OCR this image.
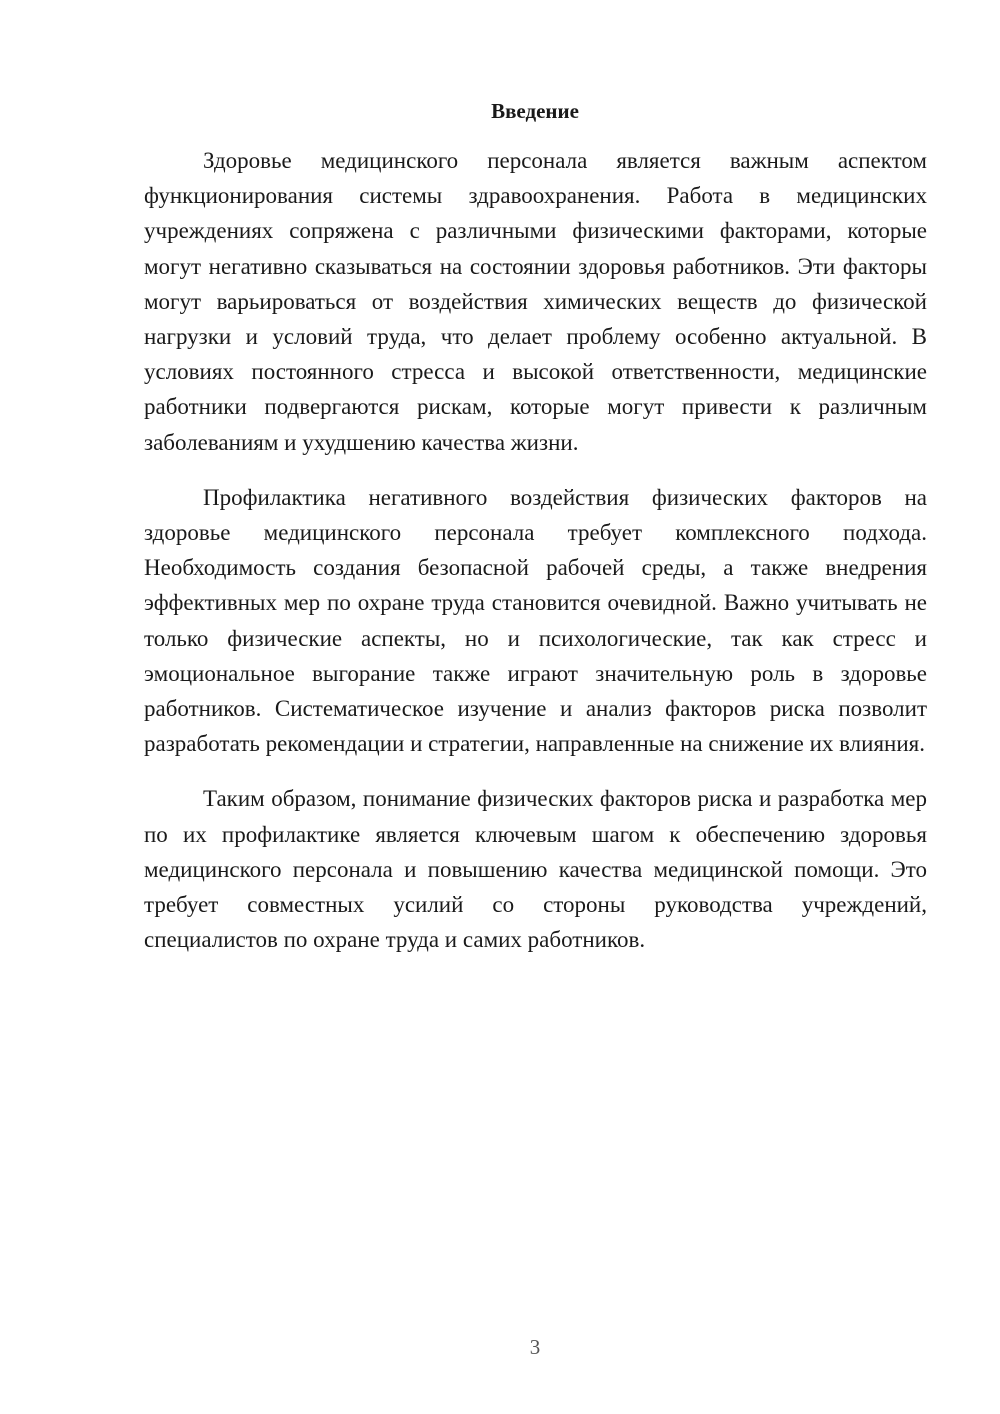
Введение

Здоровье медицинского персонала является важным аспектом функционирования системы здравоохранения. Работа в медицинских учреждениях сопряжена с различными физическими факторами, которые могут негативно сказываться на состоянии здоровья работников. Эти факторы могут варьироваться от воздействия химических веществ до физической нагрузки и условий труда, что делает проблему особенно актуальной. В условиях постоянного стресса и высокой ответственности, медицинские работники подвергаются рискам, которые могут привести к различным заболеваниям и ухудшению качества жизни.

Профилактика негативного воздействия физических факторов на здоровье медицинского персонала требует комплексного подхода. Необходимость создания безопасной рабочей среды, а также внедрения эффективных мер по охране труда становится очевидной. Важно учитывать не только физические аспекты, но и психологические, так как стресс и эмоциональное выгорание также играют значительную роль в здоровье работников. Систематическое изучение и анализ факторов риска позволит разработать рекомендации и стратегии, направленные на снижение их влияния.

Таким образом, понимание физических факторов риска и разработка мер по их профилактике является ключевым шагом к обеспечению здоровья медицинского персонала и повышению качества медицинской помощи. Это требует совместных усилий со стороны руководства учреждений, специалистов по охране труда и самих работников.

3
